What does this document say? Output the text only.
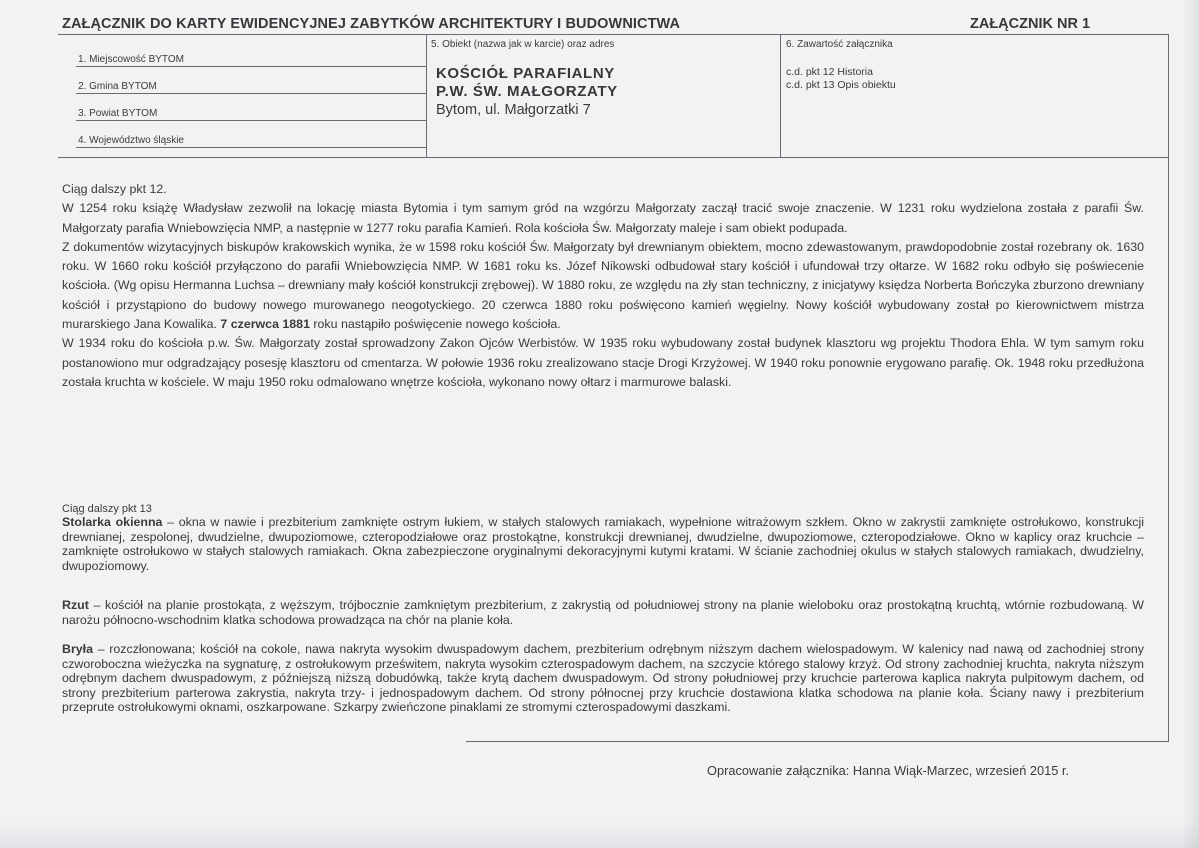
ZAŁĄCZNIK DO KARTY EWIDENCYJNEJ ZABYTKÓW ARCHITEKTURY I BUDOWNICTWA	ZAŁĄCZNIK NR 1
1. Miejscowość BYTOM
2. Gmina BYTOM
3. Powiat BYTOM
4. Województwo śląskie
5. Obiekt (nazwa jak w karcie) oraz adres
KOŚCIÓŁ PARAFIALNY
P.W. ŚW. MAŁGORZATY
Bytom, ul. Małgorzatki 7
6. Zawartość załącznika
c.d. pkt 12 Historia
c.d. pkt 13 Opis obiektu

Ciąg dalszy pkt 12.

W 1254 roku książę Władysław zezwolił na lokację miasta Bytomia i tym samym gród na wzgórzu Małgorzaty zaczął tracić swoje znaczenie. W 1231 roku wydzielona została z parafii Św. Małgorzaty parafia Wniebowzięcia NMP, a następnie w 1277 roku parafia Kamień. Rola kościoła Św. Małgorzaty maleje i sam obiekt podupada.

Z dokumentów wizytacyjnych biskupów krakowskich wynika, że w 1598 roku kościół Św. Małgorzaty był drewnianym obiektem, mocno zdewastowanym, prawdopodobnie został rozebrany ok. 1630 roku. W 1660 roku kościół przyłączono do parafii Wniebowzięcia NMP. W 1681 roku ks. Józef Nikowski odbudował stary kościół i ufundował trzy ołtarze. W 1682 roku odbyło się poświecenie kościoła. (Wg opisu Hermanna Luchsa – drewniany mały kościół konstrukcji zrębowej). W 1880 roku, ze względu na zły stan techniczny, z inicjatywy księdza Norberta Bończyka zburzono drewniany kościół i przystąpiono do budowy nowego murowanego neogotyckiego. 20 czerwca 1880 roku poświęcono kamień węgielny. Nowy kościół wybudowany został po kierownictwem mistrza murarskiego Jana Kowalika. 7 czerwca 1881 roku nastąpiło poświęcenie nowego kościoła.

W 1934 roku do kościoła p.w. Św. Małgorzaty został sprowadzony Zakon Ojców Werbistów. W 1935 roku wybudowany został budynek klasztoru wg projektu Thodora Ehla. W tym samym roku postanowiono mur odgradzający posesję klasztoru od cmentarza. W połowie 1936 roku zrealizowano stacje Drogi Krzyżowej. W 1940 roku ponownie erygowano parafię. Ok. 1948 roku przedłużona została kruchta w kościele. W maju 1950 roku odmalowano wnętrze kościoła, wykonano nowy ołtarz i marmurowe balaski.

Ciąg dalszy pkt 13
Stolarka okienna – okna w nawie i prezbiterium zamknięte ostrym łukiem, w stałych stalowych ramiakach, wypełnione witrażowym szkłem. Okno w zakrystii zamknięte ostrołukowo, konstrukcji drewnianej, zespolonej, dwudzielne, dwupoziomowe, czteropodziałowe oraz prostokątne, konstrukcji drewnianej, dwudzielne, dwupoziomowe, czteropodziałowe. Okno w kaplicy oraz kruchcie – zamknięte ostrołukowo w stałych stalowych ramiakach. Okna zabezpieczone oryginalnymi dekoracyjnymi kutymi kratami. W ścianie zachodniej okulus w stałych stalowych ramiakach, dwudzielny, dwupoziomowy.
Rzut – kościół na planie prostokąta, z węższym, trójbocznie zamkniętym prezbiterium, z zakrystią od południowej strony na planie wieloboku oraz prostokątną kruchtą, wtórnie rozbudowaną. W narożu północno-wschodnim klatka schodowa prowadząca na chór na planie koła.
Bryła – rozczłonowana; kościół na cokole, nawa nakryta wysokim dwuspadowym dachem, prezbiterium odrębnym niższym dachem wielospadowym. W kalenicy nad nawą od zachodniej strony czworoboczna wieżyczka na sygnaturę, z ostrołukowym prześwitem, nakryta wysokim czterospadowym dachem, na szczycie którego stalowy krzyż. Od strony zachodniej kruchta, nakryta niższym odrębnym dachem dwuspadowym, z późniejszą niższą dobudówką, także krytą dachem dwuspadowym. Od strony południowej przy kruchcie parterowa kaplica nakryta pulpitowym dachem, od strony prezbiterium parterowa zakrystia, nakryta trzy- i jednospadowym dachem. Od strony północnej przy kruchcie dostawiona klatka schodowa na planie koła. Ściany nawy i prezbiterium przeprute ostrołukowymi oknami, oszkarpowane. Szkarpy zwieńczone pinaklami ze stromymi czterospadowymi daszkami.
Opracowanie załącznika: Hanna Wiąk-Marzec, wrzesień 2015 r.
